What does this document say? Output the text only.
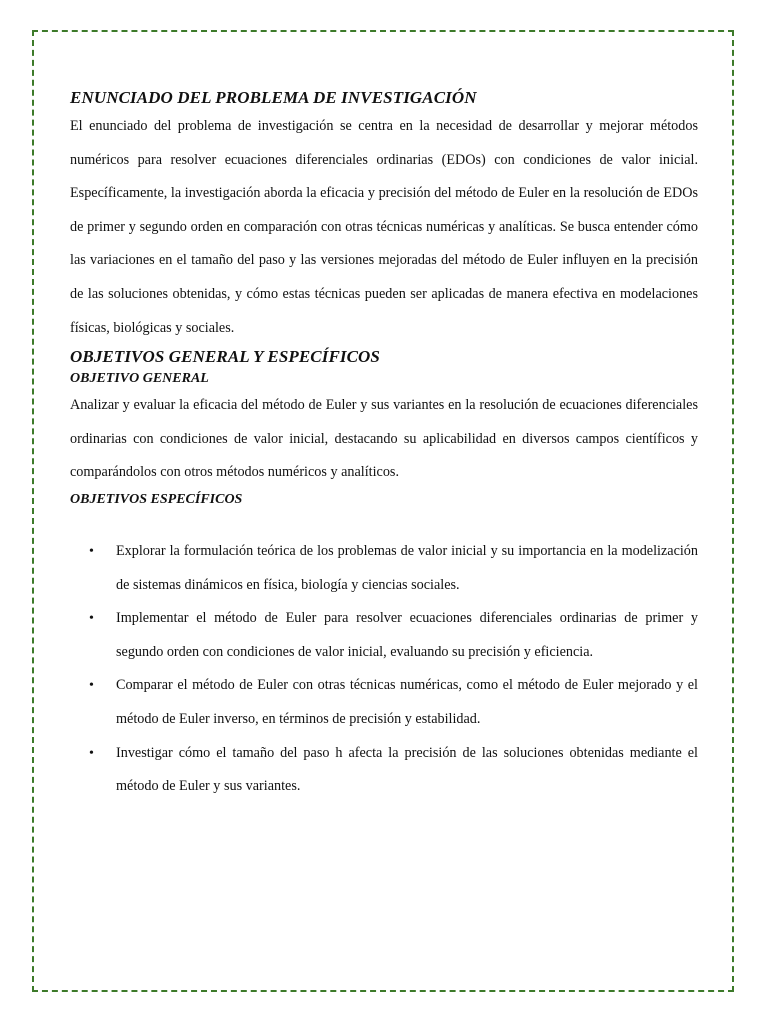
ENUNCIADO DEL PROBLEMA DE INVESTIGACIÓN

El enunciado del problema de investigación se centra en la necesidad de desarrollar y mejorar métodos numéricos para resolver ecuaciones diferenciales ordinarias (EDOs) con condiciones de valor inicial. Específicamente, la investigación aborda la eficacia y precisión del método de Euler en la resolución de EDOs de primer y segundo orden en comparación con otras técnicas numéricas y analíticas. Se busca entender cómo las variaciones en el tamaño del paso y las versiones mejoradas del método de Euler influyen en la precisión de las soluciones obtenidas, y cómo estas técnicas pueden ser aplicadas de manera efectiva en modelaciones físicas, biológicas y sociales.

OBJETIVOS GENERAL Y ESPECÍFICOS
OBJETIVO GENERAL

Analizar y evaluar la eficacia del método de Euler y sus variantes en la resolución de ecuaciones diferenciales ordinarias con condiciones de valor inicial, destacando su aplicabilidad en diversos campos científicos y comparándolos con otros métodos numéricos y analíticos.

OBJETIVOS ESPECÍFICOS
• Explorar la formulación teórica de los problemas de valor inicial y su importancia en la modelización de sistemas dinámicos en física, biología y ciencias sociales.
• Implementar el método de Euler para resolver ecuaciones diferenciales ordinarias de primer y segundo orden con condiciones de valor inicial, evaluando su precisión y eficiencia.
• Comparar el método de Euler con otras técnicas numéricas, como el método de Euler mejorado y el método de Euler inverso, en términos de precisión y estabilidad.
• Investigar cómo el tamaño del paso h afecta la precisión de las soluciones obtenidas mediante el método de Euler y sus variantes.
